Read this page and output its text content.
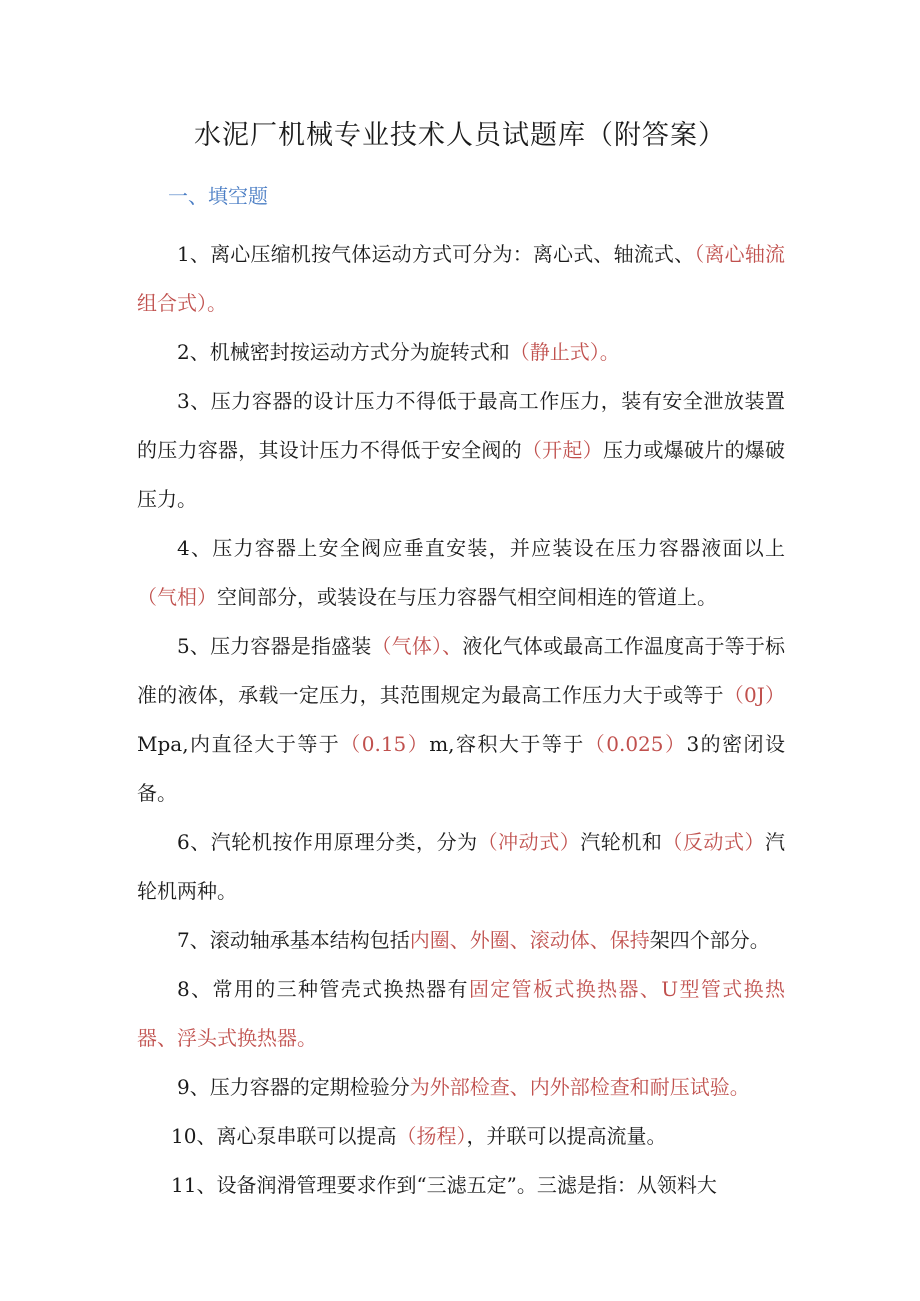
水泥厂机械专业技术人员试题库（附答案）
一、填空题

1、离心压缩机按气体运动方式可分为：离心式、轴流式、（离心轴流组合式）。

2、机械密封按运动方式分为旋转式和（静止式）。

3、压力容器的设计压力不得低于最高工作压力，装有安全泄放装置的压力容器，其设计压力不得低于安全阀的（开起）压力或爆破片的爆破压力。

4、压力容器上安全阀应垂直安装，并应装设在压力容器液面以上（气相）空间部分，或装设在与压力容器气相空间相连的管道上。

5、压力容器是指盛装（气体）、液化气体或最高工作温度高于等于标准的液体，承载一定压力，其范围规定为最高工作压力大于或等于（0J）Mpa,内直径大于等于（0.15）m,容积大于等于（0.025）3的密闭设备。

6、汽轮机按作用原理分类，分为（冲动式）汽轮机和（反动式）汽轮机两种。

7、滚动轴承基本结构包括内圈、外圈、滚动体、保持架四个部分。

8、常用的三种管壳式换热器有固定管板式换热器、U型管式换热器、浮头式换热器。

9、压力容器的定期检验分为外部检查、内外部检查和耐压试验。

10、离心泵串联可以提高（扬程），并联可以提高流量。

11、设备润滑管理要求作到“三滤五定”。三滤是指：从领料大
